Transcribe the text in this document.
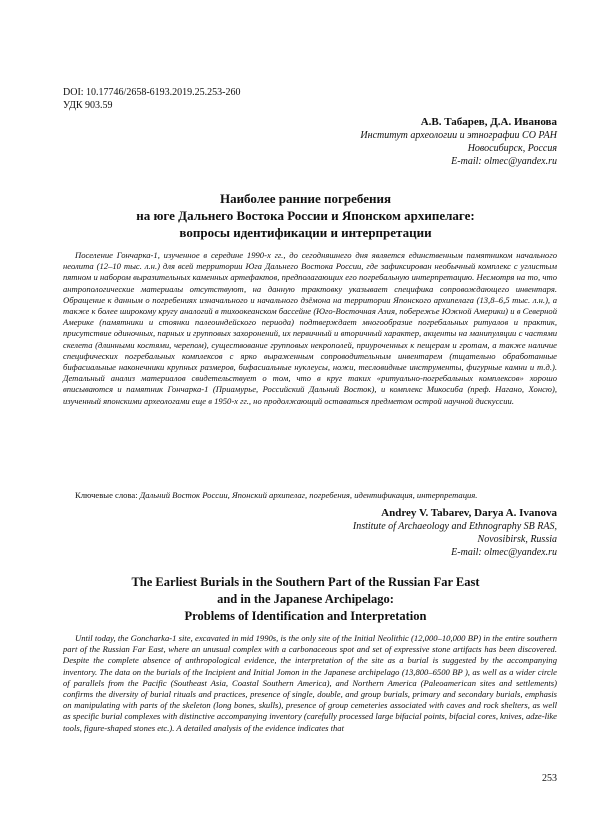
DOI: 10.17746/2658-6193.2019.25.253-260
УДК 903.59
А.В. Табарев, Д.А. Иванова
Институт археологии и этнографии СО РАН
Новосибирск, Россия
E-mail: olmec@yandex.ru
Наиболее ранние погребения
на юге Дальнего Востока России и Японском архипелаге:
вопросы идентификации и интерпретации

Поселение Гончарка-1, изученное в середине 1990-х гг., до сегодняшнего дня является единственным памятником начального неолита (12–10 тыс. л.н.) для всей территории Юга Дальнего Востока России, где зафиксирован необычный комплекс с углистым пятном и набором выразительных каменных артефактов, предполагающих его погребальную интерпретацию. Несмотря на то, что антропологические материалы отсутствуют, на данную трактовку указывает специфика сопровождающего инвентаря. Обращение к данным о погребениях изначального и начального дзёмона на территории Японского архипелага (13,8–6,5 тыс. л.н.), а также к более широкому кругу аналогий в тихоокеанском бассейне (Юго-Восточная Азия, побережье Южной Америки) и в Северной Америке (памятники и стоянки палеоиндейского периода) подтверждает многообразие погребальных ритуалов и практик, присутствие одиночных, парных и групповых захоронений, их первичный и вторичный характер, акценты на манипуляции с частями скелета (длинными костями, черепом), существование групповых некрополей, приуроченных к пещерам и гротам, а также наличие специфических погребальных комплексов с ярко выраженным сопроводительным инвентарем (тщательно обработанные бифасиальные наконечники крупных размеров, бифасиальные нуклеусы, ножи, тесловидные инструменты, фигурные камни и т.д.). Детальный анализ материалов свидетельствует о том, что в круг таких «ритуально-погребальных комплексов» хорошо вписываются и памятник Гончарка-1 (Приамурье, Российский Дальний Восток), и комплекс Микосиба (преф. Нагано, Хонсю), изученный японскими археологами еще в 1950-х гг., но продолжающий оставаться предметом острой научной дискуссии.

Ключевые слова: Дальний Восток России, Японский архипелаг, погребения, идентификация, интерпретация.
Andrey V. Tabarev, Darya A. Ivanova
Institute of Archaeology and Ethnography SB RAS,
Novosibirsk, Russia
E-mail: olmec@yandex.ru
The Earliest Burials in the Southern Part of the Russian Far East
and in the Japanese Archipelago:
Problems of Identification and Interpretation

Until today, the Goncharka-1 site, excavated in mid 1990s, is the only site of the Initial Neolithic (12,000–10,000 BP) in the entire southern part of the Russian Far East, where an unusual complex with a carbonaceous spot and set of expressive stone artifacts has been discovered. Despite the complete absence of anthropological evidence, the interpretation of the site as a burial is suggested by the accompanying inventory. The data on the burials of the Incipient and Initial Jomon in the Japanese archipelago (13,800–6500 BP ), as well as a wider circle of parallels from the Pacific (Southeast Asia, Coastal Southern America), and Northern America (Paleoamerican sites and settlements) confirms the diversity of burial rituals and practices, presence of single, double, and group burials, primary and secondary burials, emphasis on manipulating with parts of the skeleton (long bones, skulls), presence of group cemeteries associated with caves and rock shelters, as well as specific burial complexes with distinctive accompanying inventory (carefully processed large bifacial points, bifacial cores, knives, adze-like tools, figure-shaped stones etc.). A detailed analysis of the evidence indicates that

253
